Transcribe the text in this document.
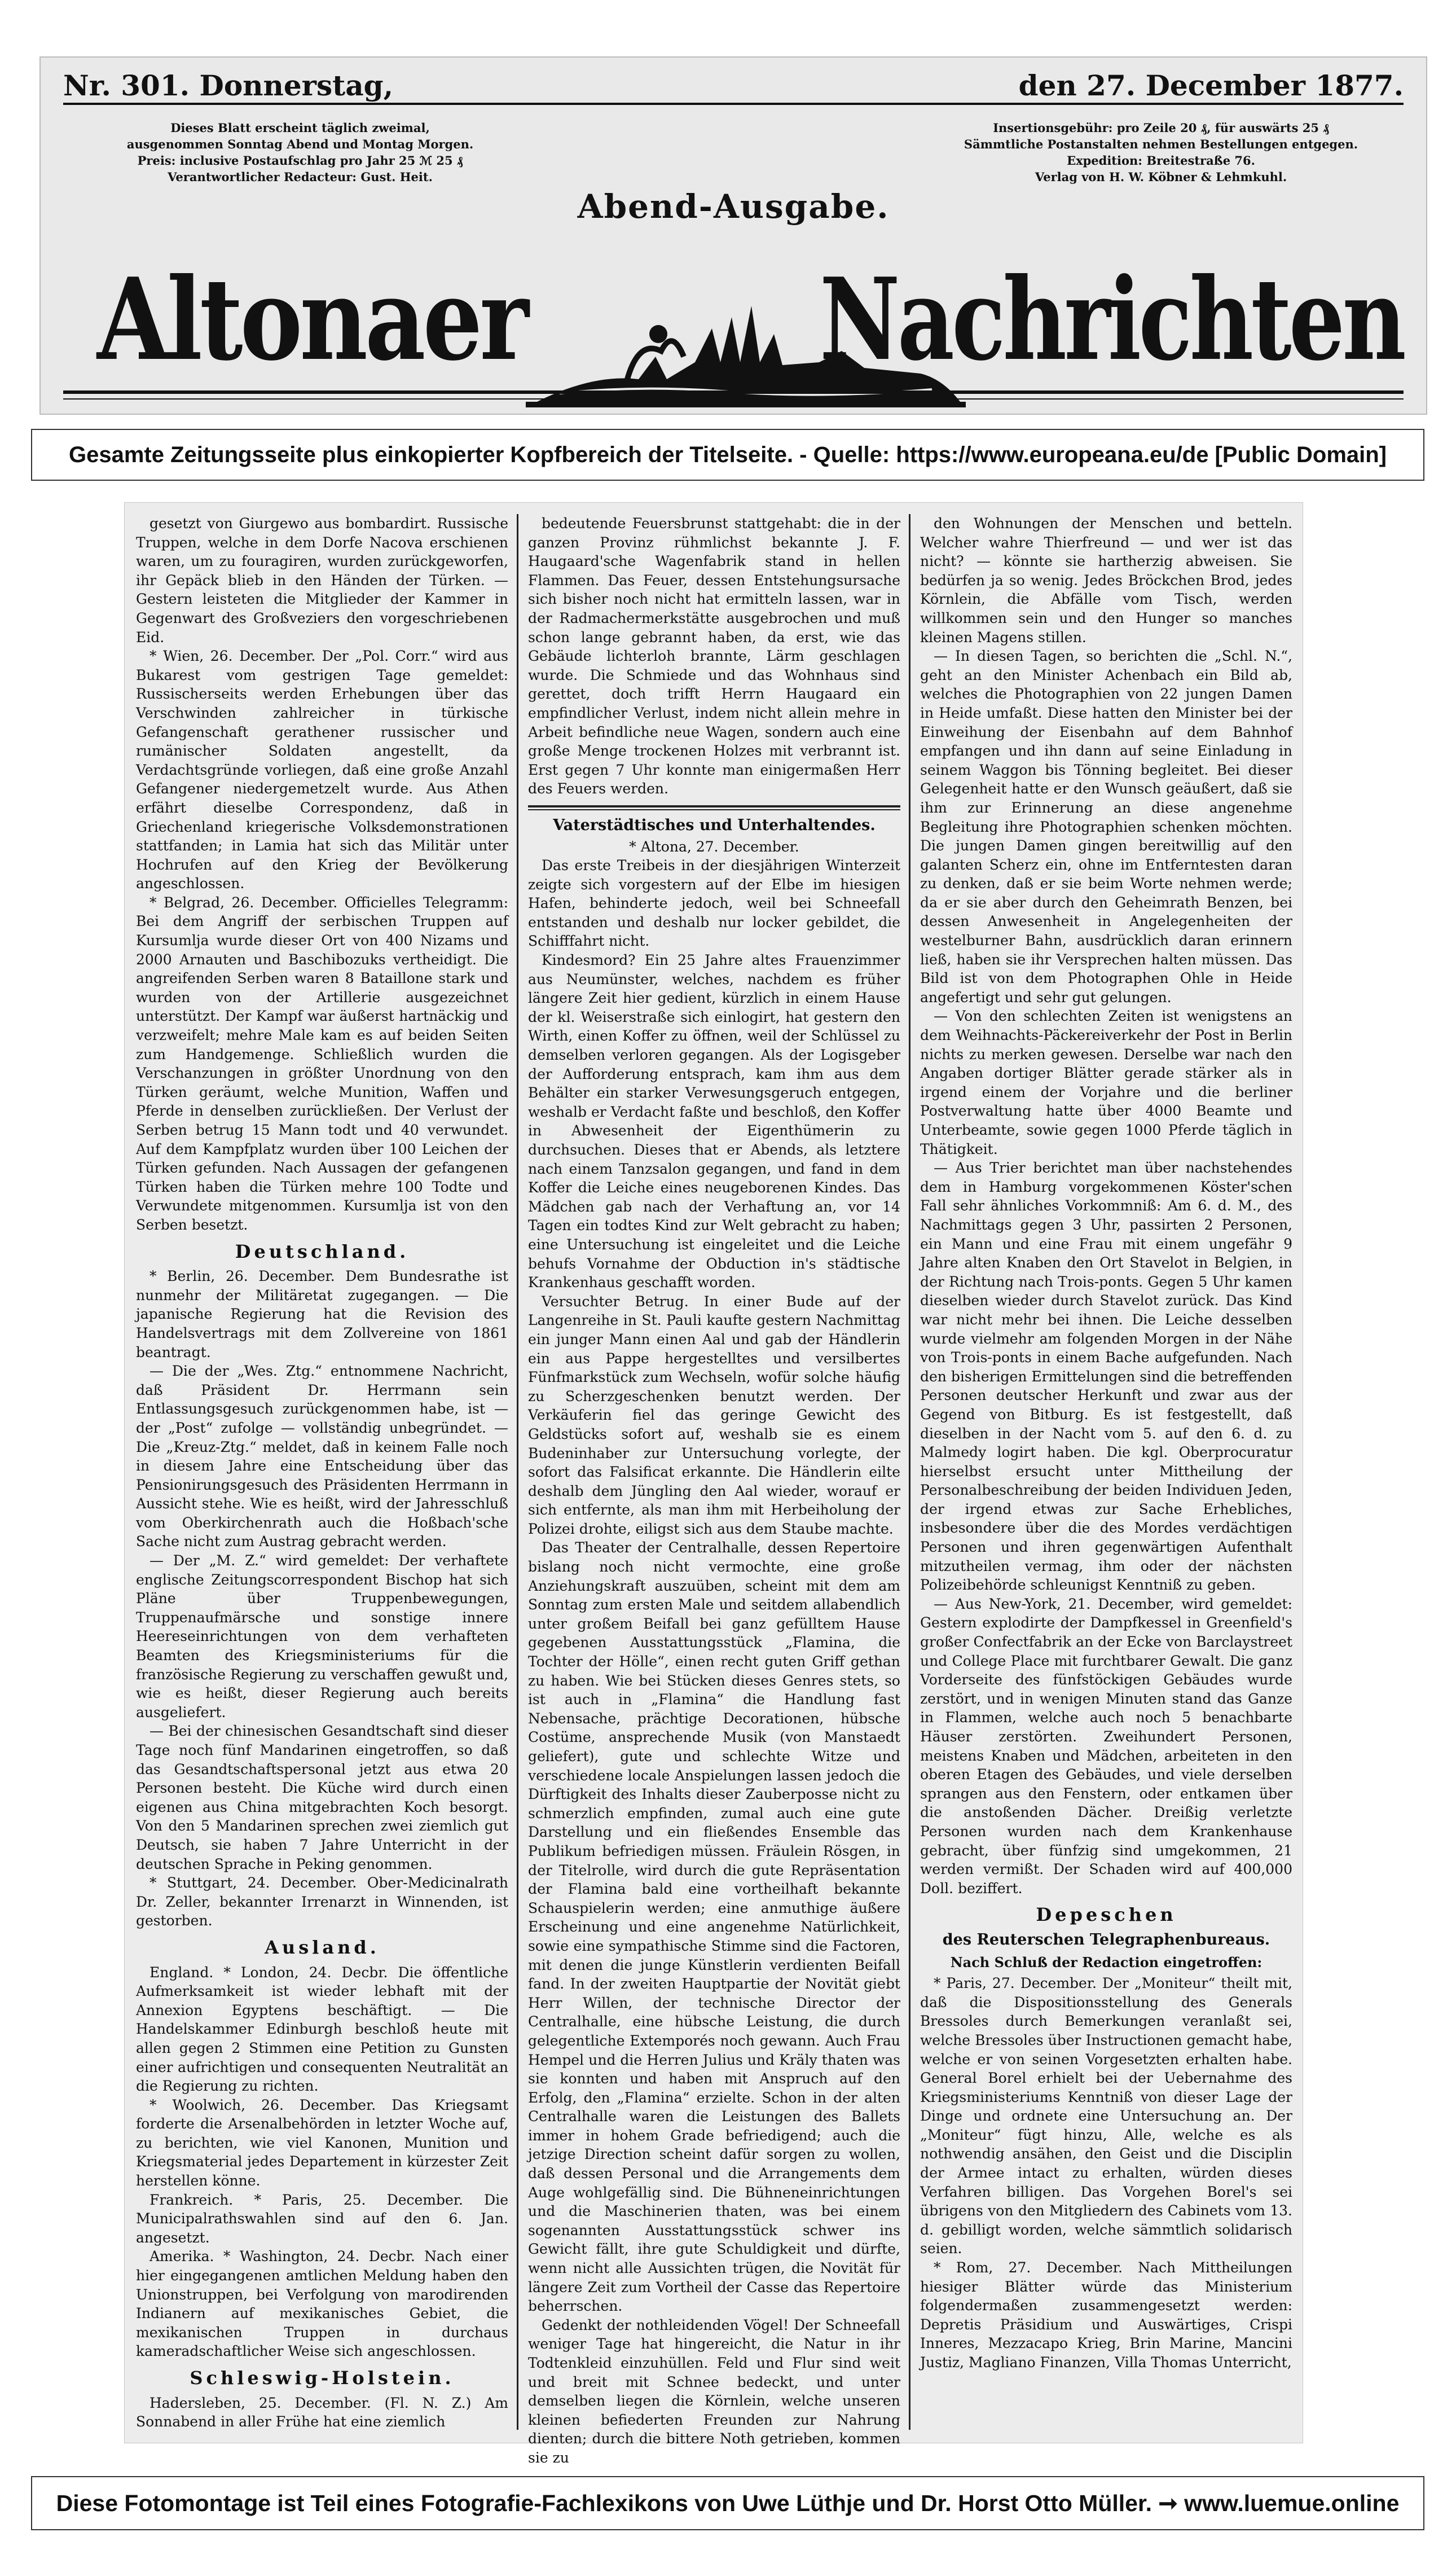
Nr. 301. Donnerstag,	den 27. December 1877.
Dieses Blatt erscheint täglich zweimal,
ausgenommen Sonntag Abend und Montag Morgen.
Preis: inclusive Postaufschlag pro Jahr 25 ℳ 25 ₰
Verantwortlicher Redacteur: Gust. Heit.
Insertionsgebühr: pro Zeile 20 ₰, für auswärts 25 ₰
Sämmtliche Postanstalten nehmen Bestellungen entgegen.
Expedition: Breitestraße 76.
Verlag von H. W. Köbner & Lehmkuhl.
Abend-Ausgabe.
Altonaer	Nachrichten
Gesamte Zeitungsseite plus einkopierter Kopfbereich der Titelseite. - Quelle: https://www.europeana.eu/de [Public Domain]

gesetzt von Giurgewo aus bombardirt. Russische Truppen, welche in dem Dorfe Nacova erschienen waren, um zu fouragiren, wurden zurückgeworfen, ihr Gepäck blieb in den Händen der Türken. — Gestern leisteten die Mitglieder der Kammer in Gegenwart des Großveziers den vorgeschriebenen Eid.

* Wien, 26. December. Der „Pol. Corr.“ wird aus Bukarest vom gestrigen Tage gemeldet: Russischerseits werden Erhebungen über das Verschwinden zahlreicher in türkische Gefangenschaft gerathener russischer und rumänischer Soldaten angestellt, da Verdachtsgründe vorliegen, daß eine große Anzahl Gefangener niedergemetzelt wurde. Aus Athen erfährt dieselbe Correspondenz, daß in Griechenland kriegerische Volksdemonstrationen stattfanden; in Lamia hat sich das Militär unter Hochrufen auf den Krieg der Bevölkerung angeschlossen.

* Belgrad, 26. December. Officielles Telegramm: Bei dem Angriff der serbischen Truppen auf Kursumlja wurde dieser Ort von 400 Nizams und 2000 Arnauten und Baschibozuks vertheidigt. Die angreifenden Serben waren 8 Bataillone stark und wurden von der Artillerie ausgezeichnet unterstützt. Der Kampf war äußerst hartnäckig und verzweifelt; mehre Male kam es auf beiden Seiten zum Handgemenge. Schließlich wurden die Verschanzungen in größter Unordnung von den Türken geräumt, welche Munition, Waffen und Pferde in denselben zurückließen. Der Verlust der Serben betrug 15 Mann todt und 40 verwundet. Auf dem Kampfplatz wurden über 100 Leichen der Türken gefunden. Nach Aussagen der gefangenen Türken haben die Türken mehre 100 Todte und Verwundete mitgenommen. Kursumlja ist von den Serben besetzt.

Deutschland.

* Berlin, 26. December. Dem Bundesrathe ist nunmehr der Militäretat zugegangen. — Die japanische Regierung hat die Revision des Handelsvertrags mit dem Zollvereine von 1861 beantragt.

— Die der „Wes. Ztg.“ entnommene Nachricht, daß Präsident Dr. Herrmann sein Entlassungsgesuch zurückgenommen habe, ist — der „Post“ zufolge — vollständig unbegründet. — Die „Kreuz-Ztg.“ meldet, daß in keinem Falle noch in diesem Jahre eine Entscheidung über das Pensionirungsgesuch des Präsidenten Herrmann in Aussicht stehe. Wie es heißt, wird der Jahresschluß vom Oberkirchenrath auch die Hoßbach'sche Sache nicht zum Austrag gebracht werden.

— Der „M. Z.“ wird gemeldet: Der verhaftete englische Zeitungscorrespondent Bischop hat sich Pläne über Truppenbewegungen, Truppenaufmärsche und sonstige innere Heereseinrichtungen von dem verhafteten Beamten des Kriegsministeriums für die französische Regierung zu verschaffen gewußt und, wie es heißt, dieser Regierung auch bereits ausgeliefert.

— Bei der chinesischen Gesandtschaft sind dieser Tage noch fünf Mandarinen eingetroffen, so daß das Gesandtschaftspersonal jetzt aus etwa 20 Personen besteht. Die Küche wird durch einen eigenen aus China mitgebrachten Koch besorgt. Von den 5 Mandarinen sprechen zwei ziemlich gut Deutsch, sie haben 7 Jahre Unterricht in der deutschen Sprache in Peking genommen.

* Stuttgart, 24. December. Ober-Medicinalrath Dr. Zeller, bekannter Irrenarzt in Winnenden, ist gestorben.

Ausland.

England. * London, 24. Decbr. Die öffentliche Aufmerksamkeit ist wieder lebhaft mit der Annexion Egyptens beschäftigt. — Die Handelskammer Edinburgh beschloß heute mit allen gegen 2 Stimmen eine Petition zu Gunsten einer aufrichtigen und consequenten Neutralität an die Regierung zu richten.

* Woolwich, 26. December. Das Kriegsamt forderte die Arsenalbehörden in letzter Woche auf, zu berichten, wie viel Kanonen, Munition und Kriegsmaterial jedes Departement in kürzester Zeit herstellen könne.

Frankreich. * Paris, 25. December. Die Municipalrathswahlen sind auf den 6. Jan. angesetzt.

Amerika. * Washington, 24. Decbr. Nach einer hier eingegangenen amtlichen Meldung haben den Unionstruppen, bei Verfolgung von marodirenden Indianern auf mexikanisches Gebiet, die mexikanischen Truppen in durchaus kameradschaftlicher Weise sich angeschlossen.

Schleswig-Holstein.

Hadersleben, 25. December. (Fl. N. Z.) Am Sonnabend in aller Frühe hat eine ziemlich

bedeutende Feuersbrunst stattgehabt: die in der ganzen Provinz rühmlichst bekannte J. F. Haugaard'sche Wagenfabrik stand in hellen Flammen. Das Feuer, dessen Entstehungsursache sich bisher noch nicht hat ermitteln lassen, war in der Radmachermerkstätte ausgebrochen und muß schon lange gebrannt haben, da erst, wie das Gebäude lichterloh brannte, Lärm geschlagen wurde. Die Schmiede und das Wohnhaus sind gerettet, doch trifft Herrn Haugaard ein empfindlicher Verlust, indem nicht allein mehre in Arbeit befindliche neue Wagen, sondern auch eine große Menge trockenen Holzes mit verbrannt ist. Erst gegen 7 Uhr konnte man einigermaßen Herr des Feuers werden.

Vaterstädtisches und Unterhaltendes.

* Altona, 27. December.

Das erste Treibeis in der diesjährigen Winterzeit zeigte sich vorgestern auf der Elbe im hiesigen Hafen, behinderte jedoch, weil bei Schneefall entstanden und deshalb nur locker gebildet, die Schifffahrt nicht.

Kindesmord? Ein 25 Jahre altes Frauenzimmer aus Neumünster, welches, nachdem es früher längere Zeit hier gedient, kürzlich in einem Hause der kl. Weiserstraße sich einlogirt, hat gestern den Wirth, einen Koffer zu öffnen, weil der Schlüssel zu demselben verloren gegangen. Als der Logisgeber der Aufforderung entsprach, kam ihm aus dem Behälter ein starker Verwesungsgeruch entgegen, weshalb er Verdacht faßte und beschloß, den Koffer in Abwesenheit der Eigenthümerin zu durchsuchen. Dieses that er Abends, als letztere nach einem Tanzsalon gegangen, und fand in dem Koffer die Leiche eines neugeborenen Kindes. Das Mädchen gab nach der Verhaftung an, vor 14 Tagen ein todtes Kind zur Welt gebracht zu haben; eine Untersuchung ist eingeleitet und die Leiche behufs Vornahme der Obduction in's städtische Krankenhaus geschafft worden.

Versuchter Betrug. In einer Bude auf der Langenreihe in St. Pauli kaufte gestern Nachmittag ein junger Mann einen Aal und gab der Händlerin ein aus Pappe hergestelltes und versilbertes Fünfmarkstück zum Wechseln, wofür solche häufig zu Scherzgeschenken benutzt werden. Der Verkäuferin fiel das geringe Gewicht des Geldstücks sofort auf, weshalb sie es einem Budeninhaber zur Untersuchung vorlegte, der sofort das Falsificat erkannte. Die Händlerin eilte deshalb dem Jüngling den Aal wieder, worauf er sich entfernte, als man ihm mit Herbeiholung der Polizei drohte, eiligst sich aus dem Staube machte.

Das Theater der Centralhalle, dessen Repertoire bislang noch nicht vermochte, eine große Anziehungskraft auszuüben, scheint mit dem am Sonntag zum ersten Male und seitdem allabendlich unter großem Beifall bei ganz gefülltem Hause gegebenen Ausstattungsstück „Flamina, die Tochter der Hölle“, einen recht guten Griff gethan zu haben. Wie bei Stücken dieses Genres stets, so ist auch in „Flamina“ die Handlung fast Nebensache, prächtige Decorationen, hübsche Costüme, ansprechende Musik (von Manstaedt geliefert), gute und schlechte Witze und verschiedene locale Anspielungen lassen jedoch die Dürftigkeit des Inhalts dieser Zauberposse nicht zu schmerzlich empfinden, zumal auch eine gute Darstellung und ein fließendes Ensemble das Publikum befriedigen müssen. Fräulein Rösgen, in der Titelrolle, wird durch die gute Repräsentation der Flamina bald eine vortheilhaft bekannte Schauspielerin werden; eine anmuthige äußere Erscheinung und eine angenehme Natürlichkeit, sowie eine sympathische Stimme sind die Factoren, mit denen die junge Künstlerin verdienten Beifall fand. In der zweiten Hauptpartie der Novität giebt Herr Willen, der technische Director der Centralhalle, eine hübsche Leistung, die durch gelegentliche Extemporés noch gewann. Auch Frau Hempel und die Herren Julius und Kräly thaten was sie konnten und haben mit Anspruch auf den Erfolg, den „Flamina“ erzielte. Schon in der alten Centralhalle waren die Leistungen des Ballets immer in hohem Grade befriedigend; auch die jetzige Direction scheint dafür sorgen zu wollen, daß dessen Personal und die Arrangements dem Auge wohlgefällig sind. Die Bühneneinrichtungen und die Maschinerien thaten, was bei einem sogenannten Ausstattungsstück schwer ins Gewicht fällt, ihre gute Schuldigkeit und dürfte, wenn nicht alle Aussichten trügen, die Novität für längere Zeit zum Vortheil der Casse das Repertoire beherrschen.

Gedenkt der nothleidenden Vögel! Der Schneefall weniger Tage hat hingereicht, die Natur in ihr Todtenkleid einzuhüllen. Feld und Flur sind weit und breit mit Schnee bedeckt, und unter demselben liegen die Körnlein, welche unseren kleinen befiederten Freunden zur Nahrung dienten; durch die bittere Noth getrieben, kommen sie zu

den Wohnungen der Menschen und betteln. Welcher wahre Thierfreund — und wer ist das nicht? — könnte sie hartherzig abweisen. Sie bedürfen ja so wenig. Jedes Bröckchen Brod, jedes Körnlein, die Abfälle vom Tisch, werden willkommen sein und den Hunger so manches kleinen Magens stillen.

— In diesen Tagen, so berichten die „Schl. N.“, geht an den Minister Achenbach ein Bild ab, welches die Photographien von 22 jungen Damen in Heide umfaßt. Diese hatten den Minister bei der Einweihung der Eisenbahn auf dem Bahnhof empfangen und ihn dann auf seine Einladung in seinem Waggon bis Tönning begleitet. Bei dieser Gelegenheit hatte er den Wunsch geäußert, daß sie ihm zur Erinnerung an diese angenehme Begleitung ihre Photographien schenken möchten. Die jungen Damen gingen bereitwillig auf den galanten Scherz ein, ohne im Entferntesten daran zu denken, daß er sie beim Worte nehmen werde; da er sie aber durch den Geheimrath Benzen, bei dessen Anwesenheit in Angelegenheiten der westelburner Bahn, ausdrücklich daran erinnern ließ, haben sie ihr Versprechen halten müssen. Das Bild ist von dem Photographen Ohle in Heide angefertigt und sehr gut gelungen.

— Von den schlechten Zeiten ist wenigstens an dem Weihnachts-Päckereiverkehr der Post in Berlin nichts zu merken gewesen. Derselbe war nach den Angaben dortiger Blätter gerade stärker als in irgend einem der Vorjahre und die berliner Postverwaltung hatte über 4000 Beamte und Unterbeamte, sowie gegen 1000 Pferde täglich in Thätigkeit.

— Aus Trier berichtet man über nachstehendes dem in Hamburg vorgekommenen Köster'schen Fall sehr ähnliches Vorkommniß: Am 6. d. M., des Nachmittags gegen 3 Uhr, passirten 2 Personen, ein Mann und eine Frau mit einem ungefähr 9 Jahre alten Knaben den Ort Stavelot in Belgien, in der Richtung nach Trois-ponts. Gegen 5 Uhr kamen dieselben wieder durch Stavelot zurück. Das Kind war nicht mehr bei ihnen. Die Leiche desselben wurde vielmehr am folgenden Morgen in der Nähe von Trois-ponts in einem Bache aufgefunden. Nach den bisherigen Ermittelungen sind die betreffenden Personen deutscher Herkunft und zwar aus der Gegend von Bitburg. Es ist festgestellt, daß dieselben in der Nacht vom 5. auf den 6. d. zu Malmedy logirt haben. Die kgl. Oberprocuratur hierselbst ersucht unter Mittheilung der Personalbeschreibung der beiden Individuen Jeden, der irgend etwas zur Sache Erhebliches, insbesondere über die des Mordes verdächtigen Personen und ihren gegenwärtigen Aufenthalt mitzutheilen vermag, ihm oder der nächsten Polizeibehörde schleunigst Kenntniß zu geben.

— Aus New-York, 21. December, wird gemeldet: Gestern explodirte der Dampfkessel in Greenfield's großer Confectfabrik an der Ecke von Barclaystreet und College Place mit furchtbarer Gewalt. Die ganz Vorderseite des fünfstöckigen Gebäudes wurde zerstört, und in wenigen Minuten stand das Ganze in Flammen, welche auch noch 5 benachbarte Häuser zerstörten. Zweihundert Personen, meistens Knaben und Mädchen, arbeiteten in den oberen Etagen des Gebäudes, und viele derselben sprangen aus den Fenstern, oder entkamen über die anstoßenden Dächer. Dreißig verletzte Personen wurden nach dem Krankenhause gebracht, über fünfzig sind umgekommen, 21 werden vermißt. Der Schaden wird auf 400,000 Doll. beziffert.

Depeschen
des Reuterschen Telegraphenbureaus.
Nach Schluß der Redaction eingetroffen:

* Paris, 27. December. Der „Moniteur“ theilt mit, daß die Dispositionsstellung des Generals Bressoles durch Bemerkungen veranlaßt sei, welche Bressoles über Instructionen gemacht habe, welche er von seinen Vorgesetzten erhalten habe. General Borel erhielt bei der Uebernahme des Kriegsministeriums Kenntniß von dieser Lage der Dinge und ordnete eine Untersuchung an. Der „Moniteur“ fügt hinzu, Alle, welche es als nothwendig ansähen, den Geist und die Disciplin der Armee intact zu erhalten, würden dieses Verfahren billigen. Das Vorgehen Borel's sei übrigens von den Mitgliedern des Cabinets vom 13. d. gebilligt worden, welche sämmtlich solidarisch seien.

* Rom, 27. December. Nach Mittheilungen hiesiger Blätter würde das Ministerium folgendermaßen zusammengesetzt werden: Depretis Präsidium und Auswärtiges, Crispi Inneres, Mezzacapo Krieg, Brin Marine, Mancini Justiz, Magliano Finanzen, Villa Thomas Unterricht,

Diese Fotomontage ist Teil eines Fotografie-Fachlexikons von Uwe Lüthje und Dr. Horst Otto Müller. ➞ www.luemue.online
